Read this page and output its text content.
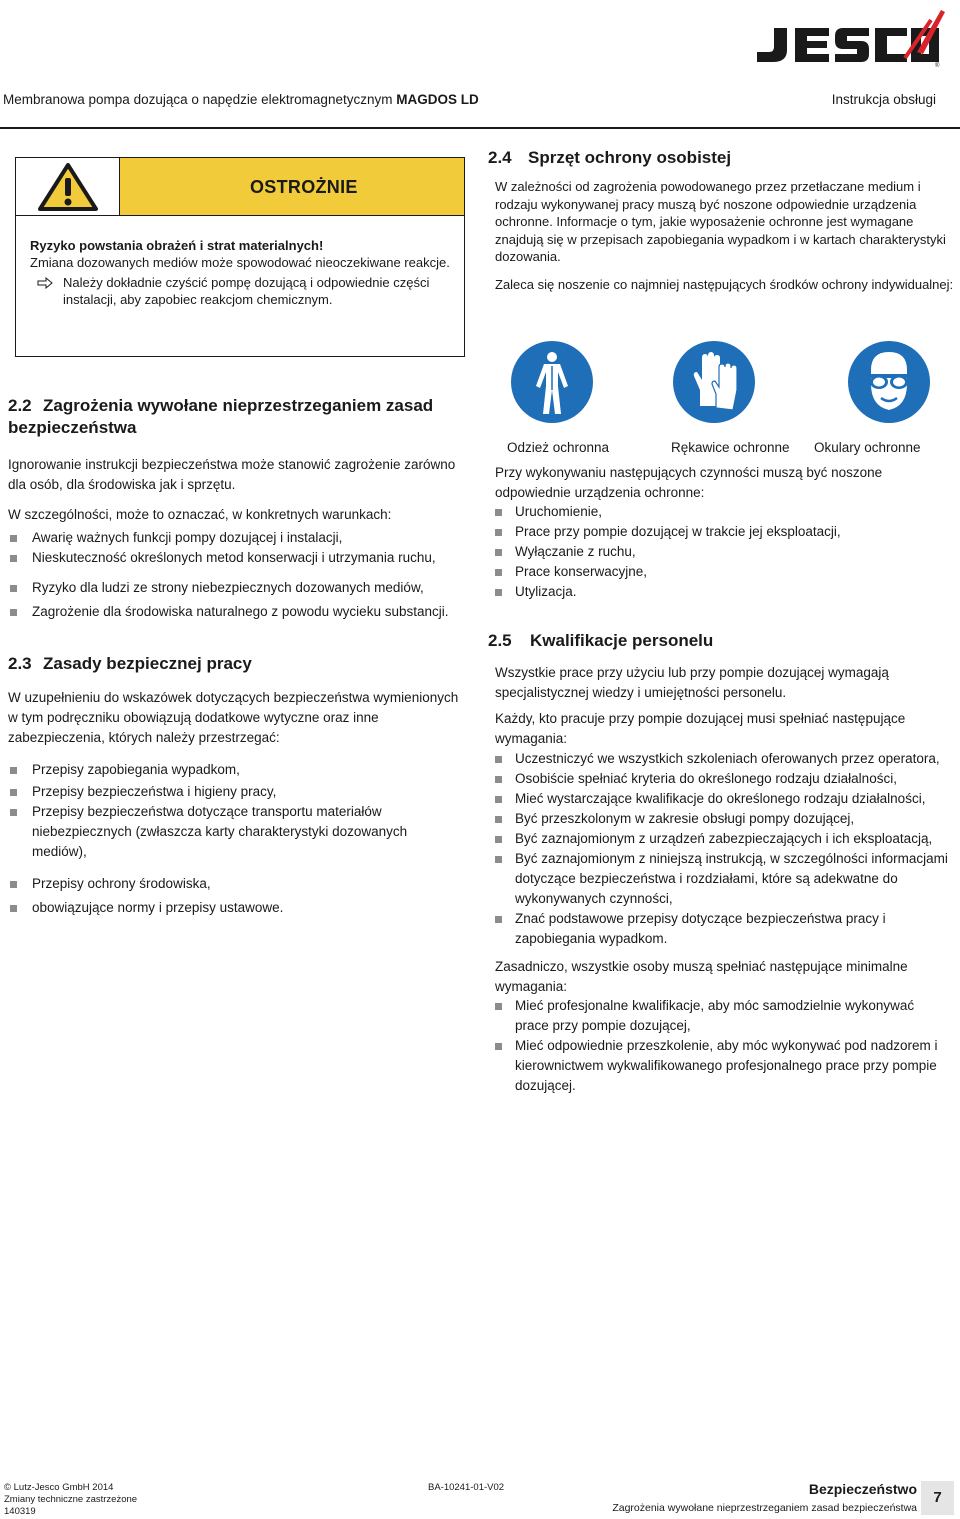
®
Membranowa pompa dozująca o napędzie elektromagnetycznym MAGDOS LD	Instrukcja obsługi
OSTROŻNIE
Ryzyko powstania obrażeń i strat materialnych!
Zmiana dozowanych mediów może spowodować nieoczekiwane reakcje.
Należy dokładnie czyścić pompę dozującą i odpowiednie części instalacji, aby zapobiec reakcjom chemicznym.
2.2 Zagrożenia wywołane nieprzestrzeganiem zasad bezpieczeństwa
Ignorowanie instrukcji bezpieczeństwa może stanowić zagrożenie zarówno dla osób, dla środowiska jak i sprzętu.
W szczególności, może to oznaczać, w konkretnych warunkach:
Awarię ważnych funkcji pompy dozującej i instalacji,
Nieskuteczność określonych metod konserwacji i utrzymania ruchu,
Ryzyko dla ludzi ze strony niebezpiecznych dozowanych mediów,
Zagrożenie dla środowiska naturalnego z powodu wycieku substancji.
2.3 Zasady bezpiecznej pracy
W uzupełnieniu do wskazówek dotyczących bezpieczeństwa wymienionych w tym podręczniku obowiązują dodatkowe wytyczne oraz inne zabezpieczenia, których należy przestrzegać:
Przepisy zapobiegania wypadkom,
Przepisy bezpieczeństwa i higieny pracy,
Przepisy bezpieczeństwa dotyczące transportu materiałów niebezpiecznych (zwłaszcza karty charakterystyki dozowanych mediów),
Przepisy ochrony środowiska,
obowiązujące normy i przepisy ustawowe.
2.4 Sprzęt ochrony osobistej
W zależności od zagrożenia powodowanego przez przetłaczane medium i rodzaju wykonywanej pracy muszą być noszone odpowiednie urządzenia ochronne. Informacje o tym, jakie wyposażenie ochronne jest wymagane znajdują się w przepisach zapobiegania wypadkom i w kartach charakterystyki dozowania.
Zaleca się noszenie co najmniej następujących środków ochrony indywidualnej:
Odzież ochronna	Rękawice ochronne Okulary ochronne
Przy wykonywaniu następujących czynności muszą być noszone odpowiednie urządzenia ochronne:
Uruchomienie,
Prace przy pompie dozującej w trakcie jej eksploatacji,
Wyłączanie z ruchu,
Prace konserwacyjne,
Utylizacja.
2.5 Kwalifikacje personelu
Wszystkie prace przy użyciu lub przy pompie dozującej wymagają specjalistycznej wiedzy i umiejętności personelu.
Każdy, kto pracuje przy pompie dozującej musi spełniać następujące wymagania:
Uczestniczyć we wszystkich szkoleniach oferowanych przez operatora,
Osobiście spełniać kryteria do określonego rodzaju działalności,
Mieć wystarczające kwalifikacje do określonego rodzaju działalności,
Być przeszkolonym w zakresie obsługi pompy dozującej,
Być zaznajomionym z urządzeń zabezpieczających i ich eksploatacją,
Być zaznajomionym z niniejszą instrukcją, w szczególności informacjami dotyczące bezpieczeństwa i rozdziałami, które są adekwatne do wykonywanych czynności,
Znać podstawowe przepisy dotyczące bezpieczeństwa pracy i zapobiegania wypadkom.
Zasadniczo, wszystkie osoby muszą spełniać następujące minimalne wymagania:
Mieć profesjonalne kwalifikacje, aby móc samodzielnie wykonywać prace przy pompie dozującej,
Mieć odpowiednie przeszkolenie, aby móc wykonywać pod nadzorem i kierownictwem wykwalifikowanego profesjonalnego prace przy pompie dozującej.
© Lutz-Jesco GmbH 2014
Zmiany techniczne zastrzeżone
140319
BA-10241-01-V02	Bezpieczeństwo
Zagrożenia wywołane nieprzestrzeganiem zasad bezpieczeństwa
7
